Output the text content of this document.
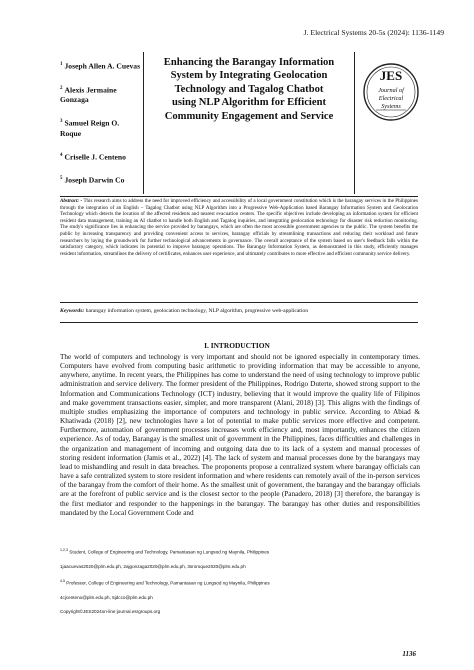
J. Electrical Systems 20-5s (2024): 1136-1149
$^1$ Joseph Allen A. Cuevas
$^2$ Alexis Jermaine Gonzaga
$^3$ Samuel Reign O. Roque
$^4$ Criselle J. Centeno
$^5$ Joseph Darwin Co
Enhancing the Barangay Information
System by Integrating Geolocation
Technology and Tagalog Chatbot
using NLP Algorithm for Efficient
Community Engagement and Service
JES
Journal of
Electrical
Systems
Abstract: - This research aims to address the need for improved efficiency and accessibility of a local government constitution which is the barangay services in the Philippines through the integration of an English – Tagalog Chatbot using NLP Algorithm into a Progressive Web-Application based Barangay Information System and Geolocation Technology which detects the location of the affected residents and nearest evacuation centers. The specific objectives include developing an information system for efficient resident data management, training an AI chatbot to handle both English and Tagalog inquiries, and integrating geolocation technology for disaster risk reduction monitoring. The study's significance lies in enhancing the service provided by barangays, which are often the most accessible government agencies to the public. The system benefits the public by increasing transparency and providing convenient access to services, barangay officials by streamlining transactions and reducing their workload and future researchers by laying the groundwork for further technological advancements in governance. The overall acceptance of the system based on user's feedback falls within the satisfactory category, which indicates its potential to improve barangay operations. The Barangay Information System, as demonstrated in this study, efficiently manages resident information, streamlines the delivery of certificates, enhances user experience, and ultimately contributes to more effective and efficient community service delivery.
Keywords: barangay information system, geolocation technology, NLP algorithm, progressive web-application
I. INTRODUCTION
The world of computers and technology is very important and should not be ignored especially in contemporary times. Computers have evolved from computing basic arithmetic to providing information that may be accessible to anyone, anywhere, anytime. In recent years, the Philippines has come to understand the need of using technology to improve public administration and service delivery. The former president of the Philippines, Rodrigo Duterte, showed strong support to the Information and Communications Technology (ICT) industry, believing that it would improve the quality life of Filipinos and make government transactions easier, simpler, and more transparent (Alani, 2018) [3]. This aligns with the findings of multiple studies emphasizing the importance of computers and technology in public service. According to Abiad & Khatiwada (2018) [2], new technologies have a lot of potential to make public services more effective and competent. Furthermore, automation of government processes increases work efficiency and, most importantly, enhances the citizen experience. As of today, Barangay is the smallest unit of government in the Philippines, faces difficulties and challenges in the organization and management of incoming and outgoing data due to its lack of a system and manual processes of storing resident information (Jamis et al., 2022) [4]. The lack of system and manual processes done by the barangays may lead to mishandling and result in data breaches. The proponents propose a centralized system where barangay officials can have a safe centralized system to store resident information and where residents can remotely avail of the in-person services of the barangay from the comfort of their home. As the smallest unit of government, the barangay and the barangay officials are at the forefront of public service and is the closest sector to the people (Panadero, 2018) [3] therefore, the barangay is the first mediator and responder to the happenings in the barangay. The barangay has other duties and responsibilities mandated by the Local Government Code and
$^{1,2,3}$ Student, College of Engineering and Technology, Pamantasan ng Lungsod ng Maynila, Philippines
1jaacuevas2020@plm.edu.ph, 2ajgonzaga2020@plm.edu.ph, 3sroroque2020@plm.edu.ph
$^{4,5}$ Professor, College of Engineering and Technology, Pamantasan ng Lungsod ng Maynila, Philippines
4cjcenteno@plm.edu.ph, 5jdcco@plm.edu.ph
Copyright©JES2024on-line:journal.esrgroups.org
1136
